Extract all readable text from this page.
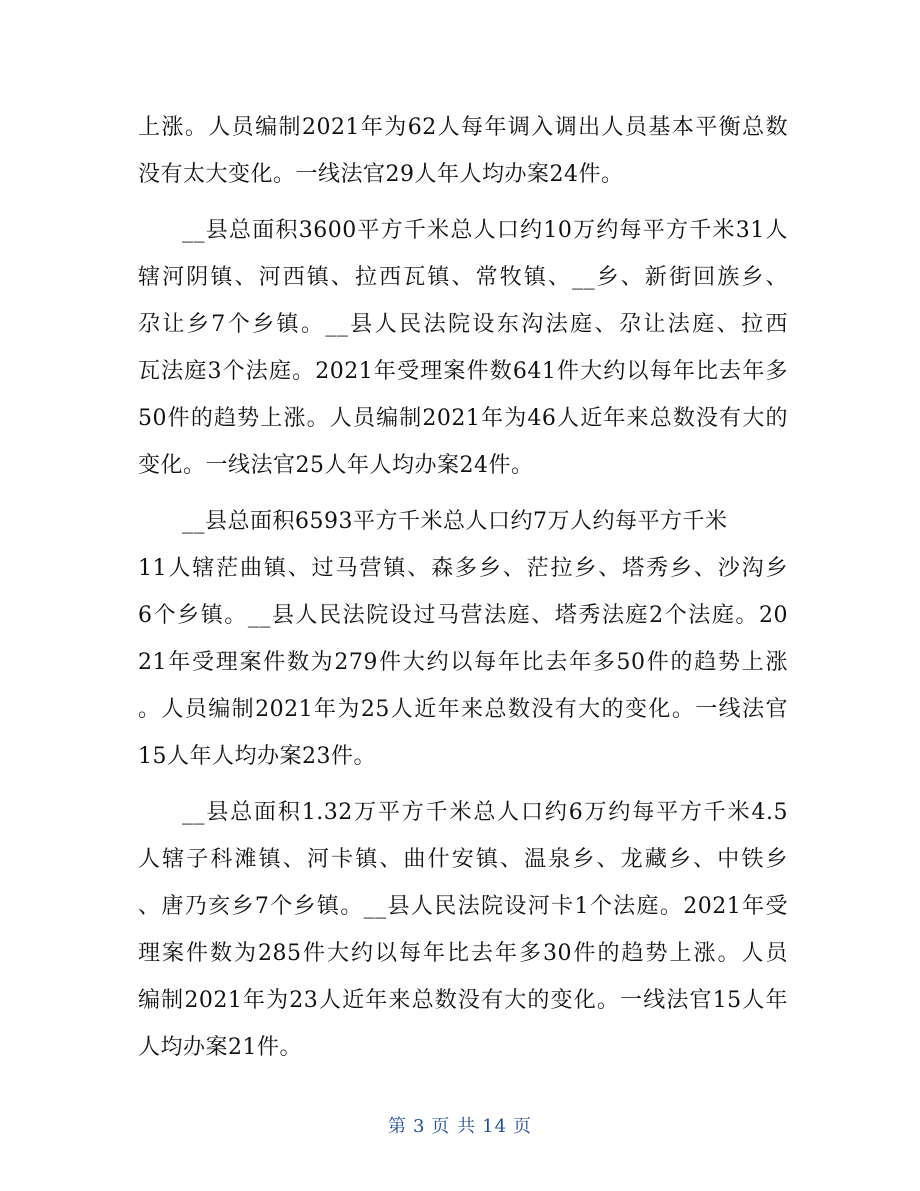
上涨。人员编制2021年为62人每年调入调出人员基本平衡总数
没有太大变化。一线法官29人年人均办案24件。
__县总面积3600平方千米总人口约10万约每平方千米31人
辖河阴镇、河西镇、拉西瓦镇、常牧镇、__乡、新街回族乡、
尕让乡7个乡镇。__县人民法院设东沟法庭、尕让法庭、拉西
瓦法庭3个法庭。2021年受理案件数641件大约以每年比去年多
50件的趋势上涨。人员编制2021年为46人近年来总数没有大的
变化。一线法官25人年人均办案24件。
__县总面积6593平方千米总人口约7万人约每平方千米
11人辖茫曲镇、过马营镇、森多乡、茫拉乡、塔秀乡、沙沟乡
6个乡镇。__县人民法院设过马营法庭、塔秀法庭2个法庭。20
21年受理案件数为279件大约以每年比去年多50件的趋势上涨
。人员编制2021年为25人近年来总数没有大的变化。一线法官
15人年人均办案23件。
__县总面积1.32万平方千米总人口约6万约每平方千米4.5
人辖子科滩镇、河卡镇、曲什安镇、温泉乡、龙藏乡、中铁乡
、唐乃亥乡7个乡镇。__县人民法院设河卡1个法庭。2021年受
理案件数为285件大约以每年比去年多30件的趋势上涨。人员
编制2021年为23人近年来总数没有大的变化。一线法官15人年
人均办案21件。
第 3 页 共 14 页
